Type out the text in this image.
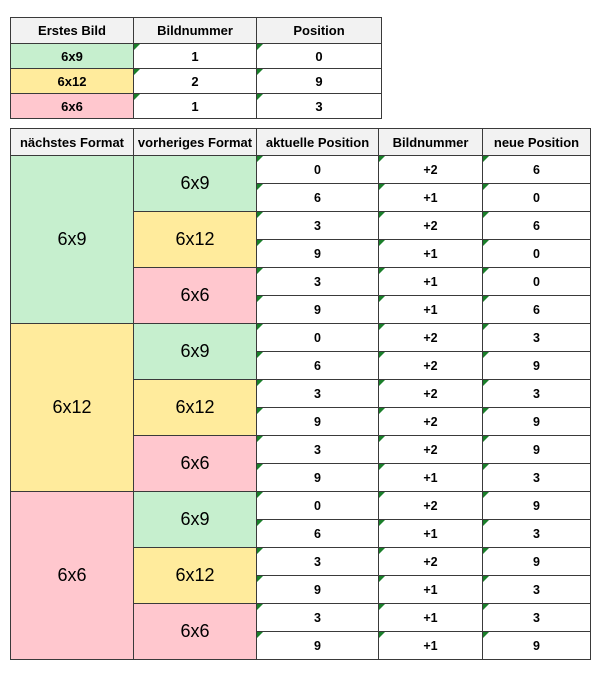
Erstes Bild	Bildnummer	Position
6x9	1	0
6x12	2	9
6x6	1	3
nächstes Format	vorheriges Format	aktuelle Position	Bildnummer	neue Position
6x9	6x9	0	+2	6
		6	+1	0
	6x12	3	+2	6
		9	+1	0
	6x6	3	+1	0
		9	+1	6
6x12	6x9	0	+2	3
		6	+2	9
	6x12	3	+2	3
		9	+2	9
	6x6	3	+2	9
		9	+1	3
6x6	6x9	0	+2	9
		6	+1	3
	6x12	3	+2	9
		9	+1	3
	6x6	3	+1	3
		9	+1	9
